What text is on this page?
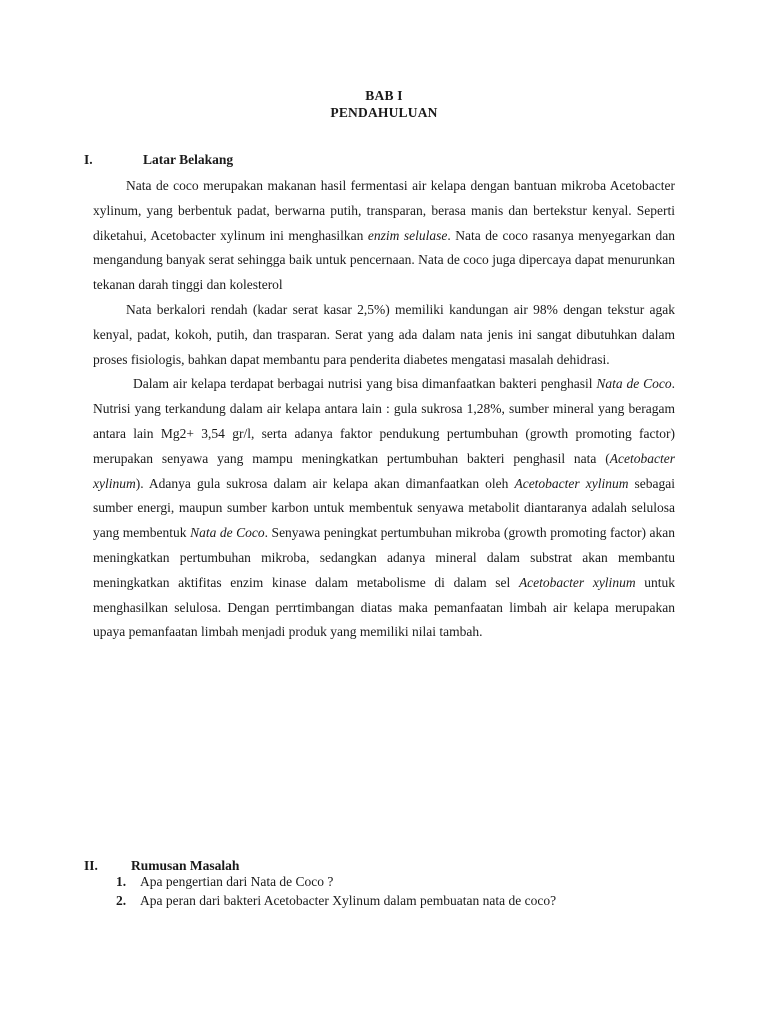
BAB I
PENDAHULUAN
I.	Latar Belakang

Nata de coco merupakan makanan hasil fermentasi air kelapa dengan bantuan mikroba Acetobacter xylinum, yang berbentuk padat, berwarna putih, transparan, berasa manis dan bertekstur kenyal. Seperti diketahui, Acetobacter xylinum ini menghasilkan enzim selulase. Nata de coco rasanya menyegarkan dan mengandung banyak serat sehingga baik untuk pencernaan. Nata de coco juga dipercaya dapat menurunkan tekanan darah tinggi dan kolesterol

Nata berkalori rendah (kadar serat kasar 2,5%) memiliki kandungan air 98% dengan tekstur agak kenyal, padat, kokoh, putih, dan trasparan. Serat yang ada dalam nata jenis ini sangat dibutuhkan dalam proses fisiologis, bahkan dapat membantu para penderita diabetes mengatasi masalah dehidrasi.

Dalam air kelapa terdapat berbagai nutrisi yang bisa dimanfaatkan bakteri penghasil Nata de Coco. Nutrisi yang terkandung dalam air kelapa antara lain : gula sukrosa 1,28%, sumber mineral yang beragam antara lain Mg2+ 3,54 gr/l, serta adanya faktor pendukung pertumbuhan (growth promoting factor) merupakan senyawa yang mampu meningkatkan pertumbuhan bakteri penghasil nata (Acetobacter xylinum). Adanya gula sukrosa dalam air kelapa akan dimanfaatkan oleh Acetobacter xylinum sebagai sumber energi, maupun sumber karbon untuk membentuk senyawa metabolit diantaranya adalah selulosa yang membentuk Nata de Coco. Senyawa peningkat pertumbuhan mikroba (growth promoting factor) akan meningkatkan pertumbuhan mikroba, sedangkan adanya mineral dalam substrat akan membantu meningkatkan aktifitas enzim kinase dalam metabolisme di dalam sel Acetobacter xylinum untuk menghasilkan selulosa. Dengan perrtimbangan diatas maka pemanfaatan limbah air kelapa merupakan upaya pemanfaatan limbah menjadi produk yang memiliki nilai tambah.

II. Rumusan Masalah
1. Apa pengertian dari Nata de Coco ?
2. Apa peran dari bakteri Acetobacter Xylinum dalam pembuatan nata de coco?
